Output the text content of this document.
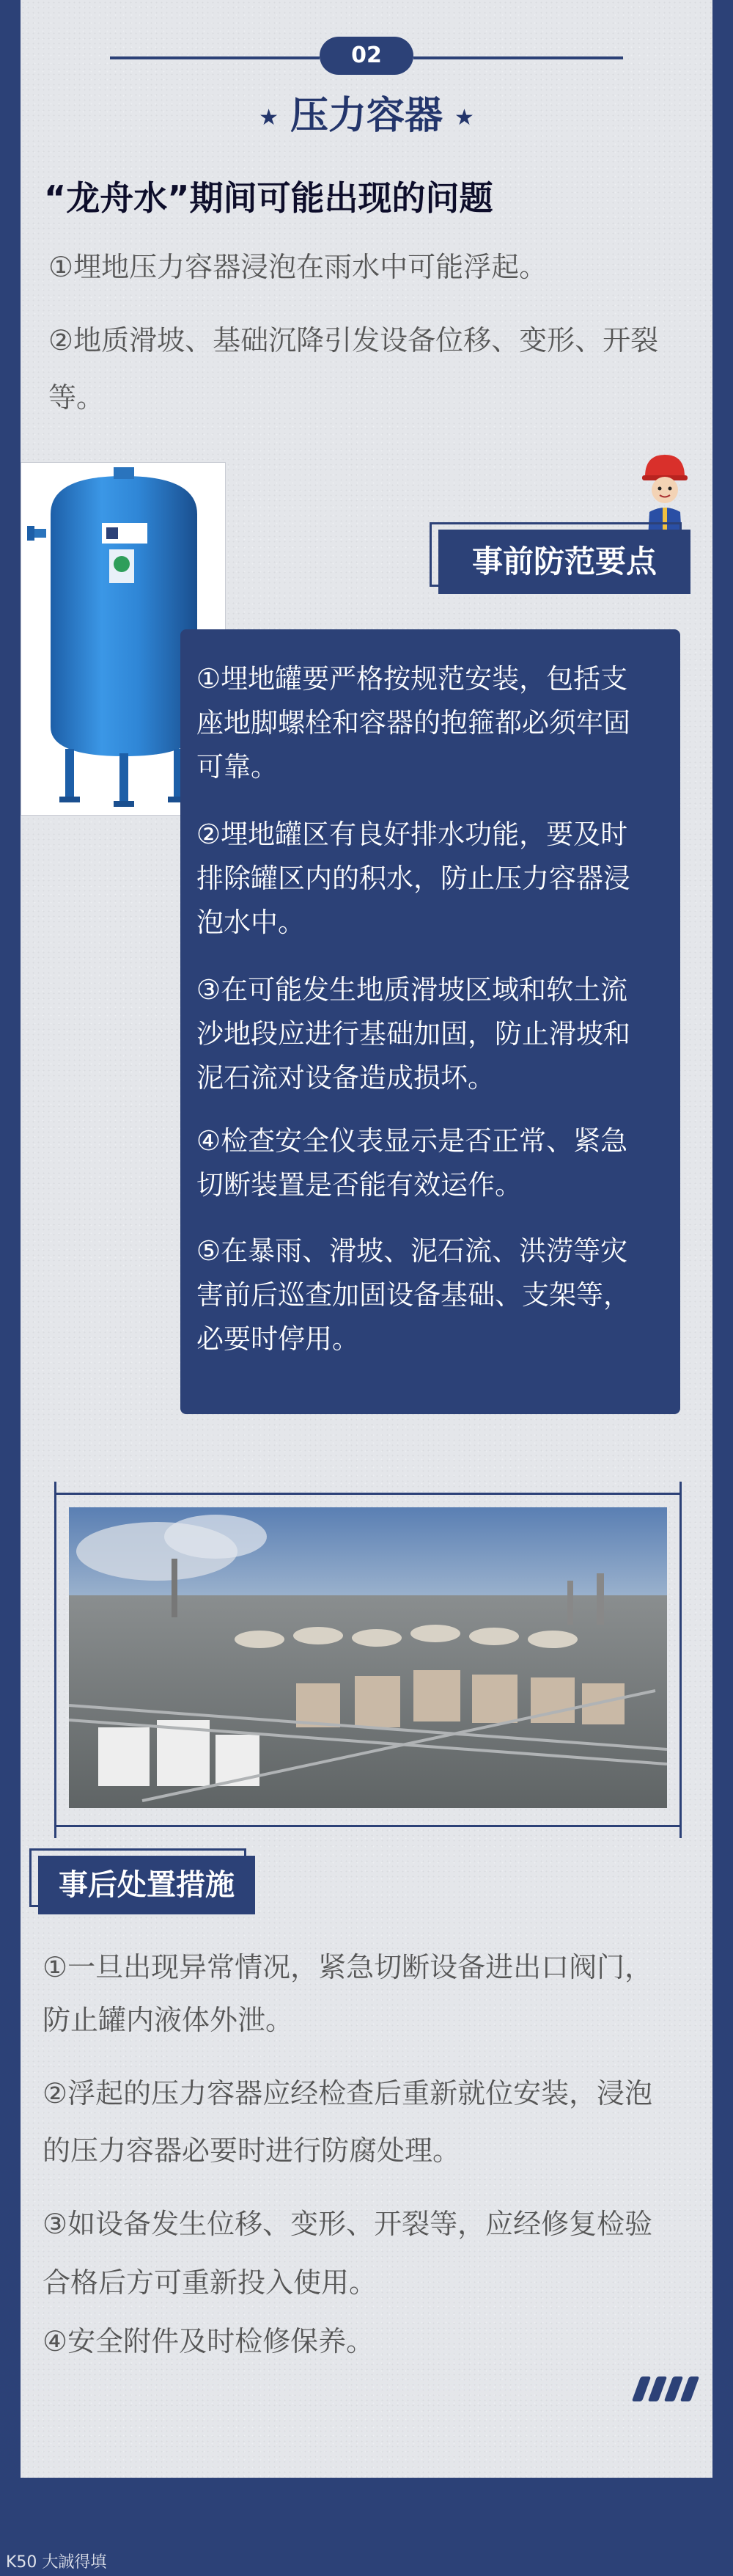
02
★ 压力容器 ★
“龙舟水”期间可能出现的问题
①埋地压力容器浸泡在雨水中可能浮起。
②地质滑坡、基础沉降引发设备位移、变形、开裂
等。
事前防范要点
①埋地罐要严格按规范安装，包括支
座地脚螺栓和容器的抱箍都必须牢固
可靠。
②埋地罐区有良好排水功能，要及时
排除罐区内的积水，防止压力容器浸
泡水中。
③在可能发生地质滑坡区域和软土流
沙地段应进行基础加固，防止滑坡和
泥石流对设备造成损坏。
④检查安全仪表显示是否正常、紧急
切断装置是否能有效运作。
⑤在暴雨、滑坡、泥石流、洪涝等灾
害前后巡查加固设备基础、支架等，
必要时停用。
事后处置措施
①一旦出现异常情况，紧急切断设备进出口阀门，
防止罐内液体外泄。
②浮起的压力容器应经检查后重新就位安装，浸泡
的压力容器必要时进行防腐处理。
③如设备发生位移、变形、开裂等，应经修复检验
合格后方可重新投入使用。
④安全附件及时检修保养。
K50 大誠得填
